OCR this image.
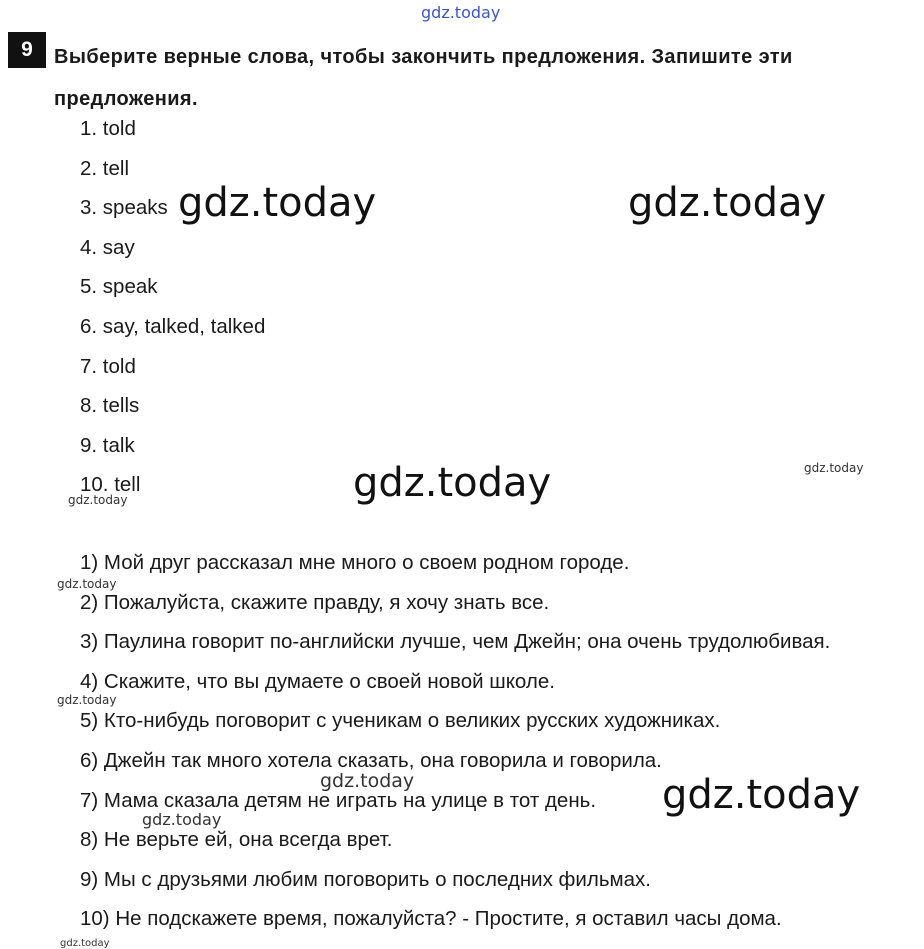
gdz.today
9	Выберите верные слова, чтобы закончить предложения. Запишите эти предложения.
1. told
2. tell
3. speaks
4. say
5. speak
6. say, talked, talked
7. told
8. tells
9. talk
10. tell
1) Мой друг рассказал мне много о своем родном городе.
2) Пожалуйста, скажите правду, я хочу знать все.
3) Паулина говорит по-английски лучше, чем Джейн; она очень трудолюбивая.
4) Скажите, что вы думаете о своей новой школе.
5) Кто-нибудь поговорит с ученикам о великих русских художниках.
6) Джейн так много хотела сказать, она говорила и говорила.
7) Мама сказала детям не играть на улице в тот день.
8) Не верьте ей, она всегда врет.
9) Мы с друзьями любим поговорить о последних фильмах.
10) Не подскажете время, пожалуйста? - Простите, я оставил часы дома.
gdz.today	gdz.today
gdz.today
gdz.today
gdz.today
gdz.today
gdz.today
gdz.today
gdz.today
gdz.today
gdz.today
